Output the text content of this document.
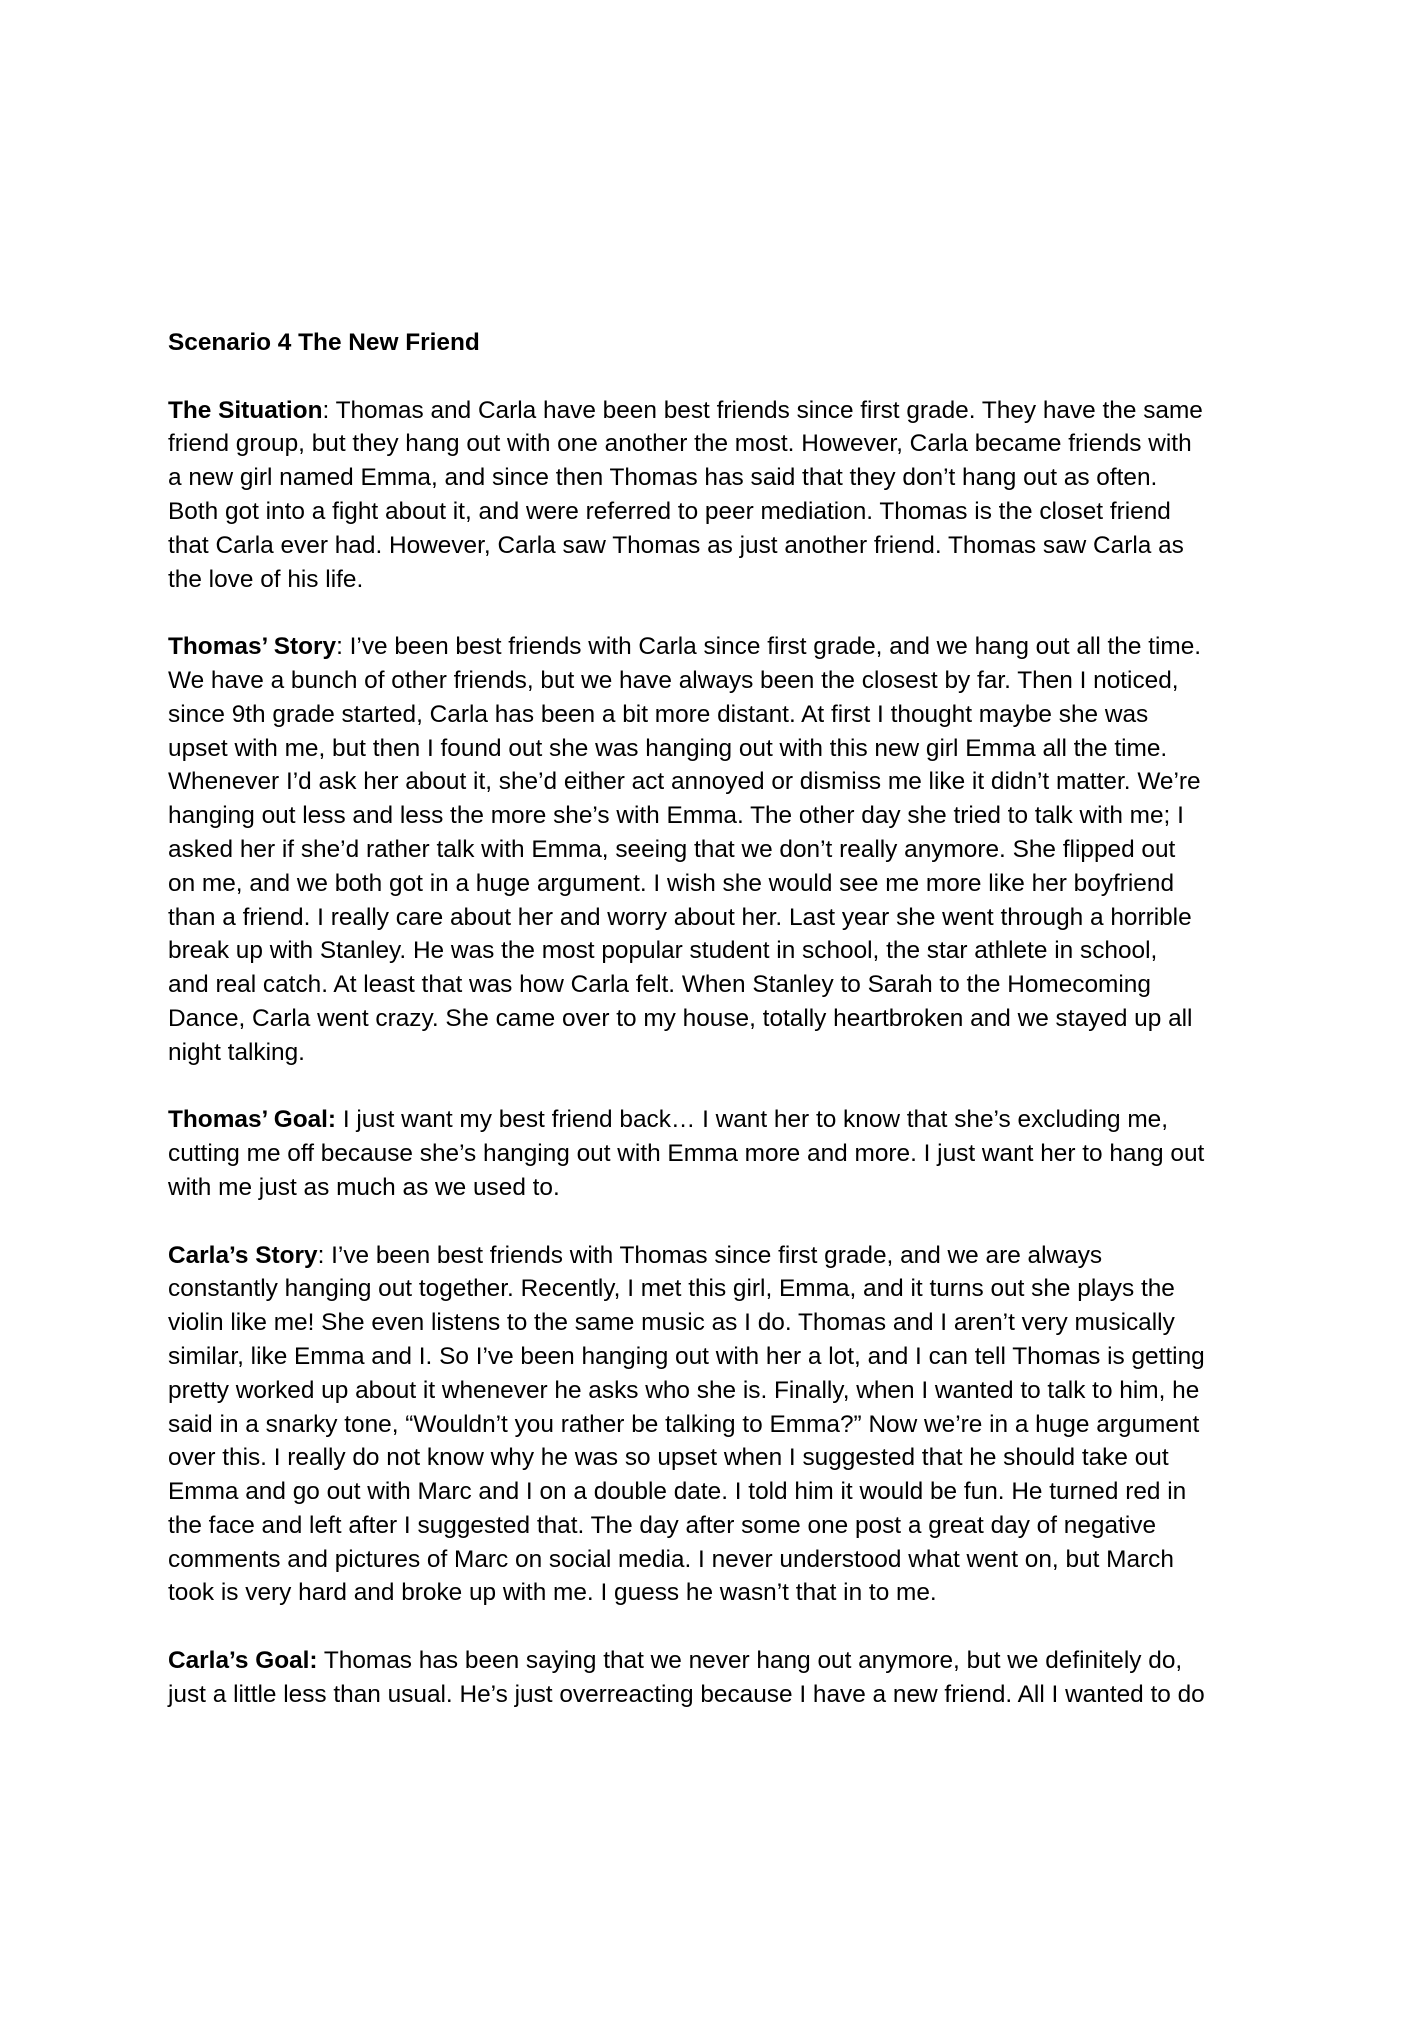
Scenario 4 The New Friend
The Situation: Thomas and Carla have been best friends since first grade. They have the same
friend group, but they hang out with one another the most. However, Carla became friends with
a new girl named Emma, and since then Thomas has said that they don’t hang out as often.
Both got into a fight about it, and were referred to peer mediation. Thomas is the closet friend
that Carla ever had. However, Carla saw Thomas as just another friend. Thomas saw Carla as
the love of his life.
Thomas’ Story: I’ve been best friends with Carla since first grade, and we hang out all the time.
We have a bunch of other friends, but we have always been the closest by far. Then I noticed,
since 9th grade started, Carla has been a bit more distant. At first I thought maybe she was
upset with me, but then I found out she was hanging out with this new girl Emma all the time.
Whenever I’d ask her about it, she’d either act annoyed or dismiss me like it didn’t matter. We’re
hanging out less and less the more she’s with Emma. The other day she tried to talk with me; I
asked her if she’d rather talk with Emma, seeing that we don’t really anymore. She flipped out
on me, and we both got in a huge argument. I wish she would see me more like her boyfriend
than a friend. I really care about her and worry about her. Last year she went through a horrible
break up with Stanley. He was the most popular student in school, the star athlete in school,
and real catch. At least that was how Carla felt. When Stanley to Sarah to the Homecoming
Dance, Carla went crazy. She came over to my house, totally heartbroken and we stayed up all
night talking.
Thomas’ Goal: I just want my best friend back… I want her to know that she’s excluding me,
cutting me off because she’s hanging out with Emma more and more. I just want her to hang out
with me just as much as we used to.
Carla’s Story: I’ve been best friends with Thomas since first grade, and we are always
constantly hanging out together. Recently, I met this girl, Emma, and it turns out she plays the
violin like me! She even listens to the same music as I do. Thomas and I aren’t very musically
similar, like Emma and I. So I’ve been hanging out with her a lot, and I can tell Thomas is getting
pretty worked up about it whenever he asks who she is. Finally, when I wanted to talk to him, he
said in a snarky tone, “Wouldn’t you rather be talking to Emma?” Now we’re in a huge argument
over this. I really do not know why he was so upset when I suggested that he should take out
Emma and go out with Marc and I on a double date. I told him it would be fun. He turned red in
the face and left after I suggested that. The day after some one post a great day of negative
comments and pictures of Marc on social media. I never understood what went on, but March
took is very hard and broke up with me. I guess he wasn’t that in to me.
Carla’s Goal: Thomas has been saying that we never hang out anymore, but we definitely do,
just a little less than usual. He’s just overreacting because I have a new friend. All I wanted to do
